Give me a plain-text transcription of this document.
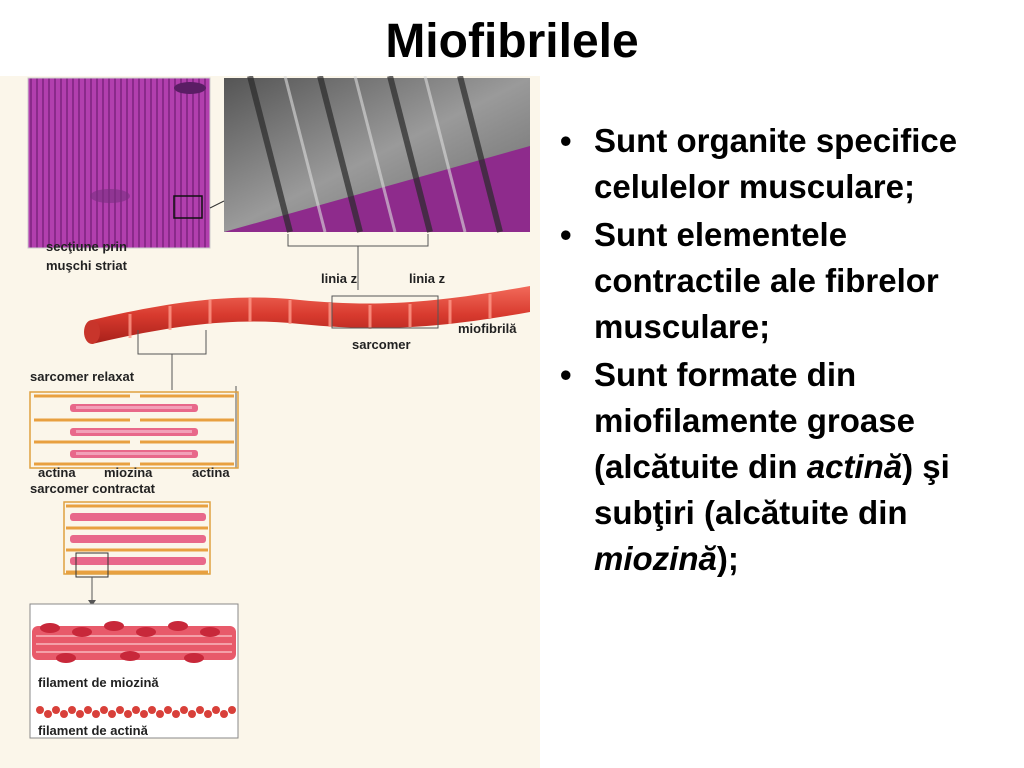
Miofibrilele
secţiune prin
muşchi striat
linia z	linia z
miofibrilă
sarcomer
sarcomer relaxat
actina miozina	actina
sarcomer contractat
filament de miozină
filament de actină
• Sunt organite specifice celulelor musculare;
• Sunt elementele contractile ale fibrelor musculare;
• Sunt formate din miofilamente groase (alcătuite din actină) şi subţiri (alcătuite din miozină);
